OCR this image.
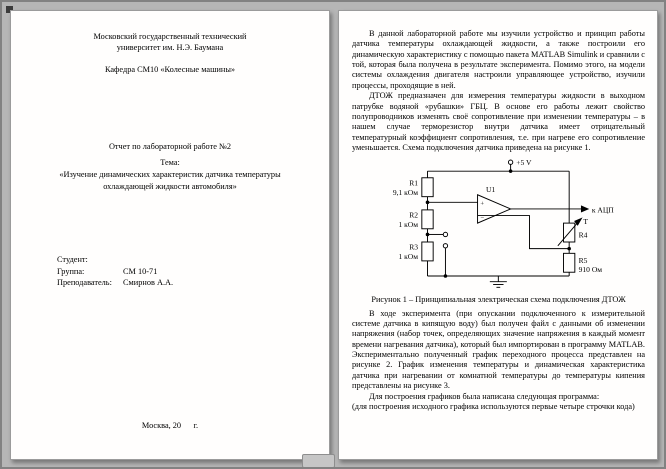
Московский государственный технический университет им. Н.Э. Баумана
Кафедра СМ10 «Колесные машины»
Отчет по лабораторной работе №2
Тема:
«Изучение динамических характеристик датчика температуры охлаждающей жидкости автомобиля»
Студент:
Группа:	СМ 10-71
Преподаватель:	Смирнов А.А.
Москва, 20      г.

В данной лабораторной работе мы изучили устройство и принцип работы датчика температуры охлаждающей жидкости, а также построили его динамическую характеристику с помощью пакета MATLAB Simulink и сравнили с той, которая была получена в результате эксперимента. Помимо этого, на модели системы охлаждения двигателя настроили управляющее устройство, изучили процессы, проходящие в ней.

ДТОЖ предназначен для измерения температуры жидкости в выходном патрубке водяной «рубашки» ГБЦ. В основе его работы лежит свойство полупроводников изменять своё сопротивление при изменении температуры – в нашем случае терморезистор внутри датчика имеет отрицательный температурный коэффициент сопротивления, т.е. при нагреве его сопротивление уменьшается. Схема подключения датчика приведена на рисунке 1.

+5 V
R1
9,1 кОм
R2
1 кОм
R3
1 кОм
U1
+
−
к АЦП
T
R4
R5
910 Ом

Рисунок 1 – Принципиальная электрическая схема подключения ДТОЖ

В ходе эксперимента (при опускании подключенного к измерительной системе датчика в кипящую воду) был получен файл с данными об изменении напряжения (набор точек, определяющих значение напряжения в каждый момент времени нагревания датчика), который был импортирован в программу MATLAB. Экспериментально полученный график переходного процесса представлен на рисунке 2. График изменения температуры и динамическая характеристика датчика при нагревании от комнатной температуры до температуры кипения представлены на рисунке 3.

Для построения графиков была написана следующая программа:

(для построения исходного графика используются первые четыре строчки кода)
